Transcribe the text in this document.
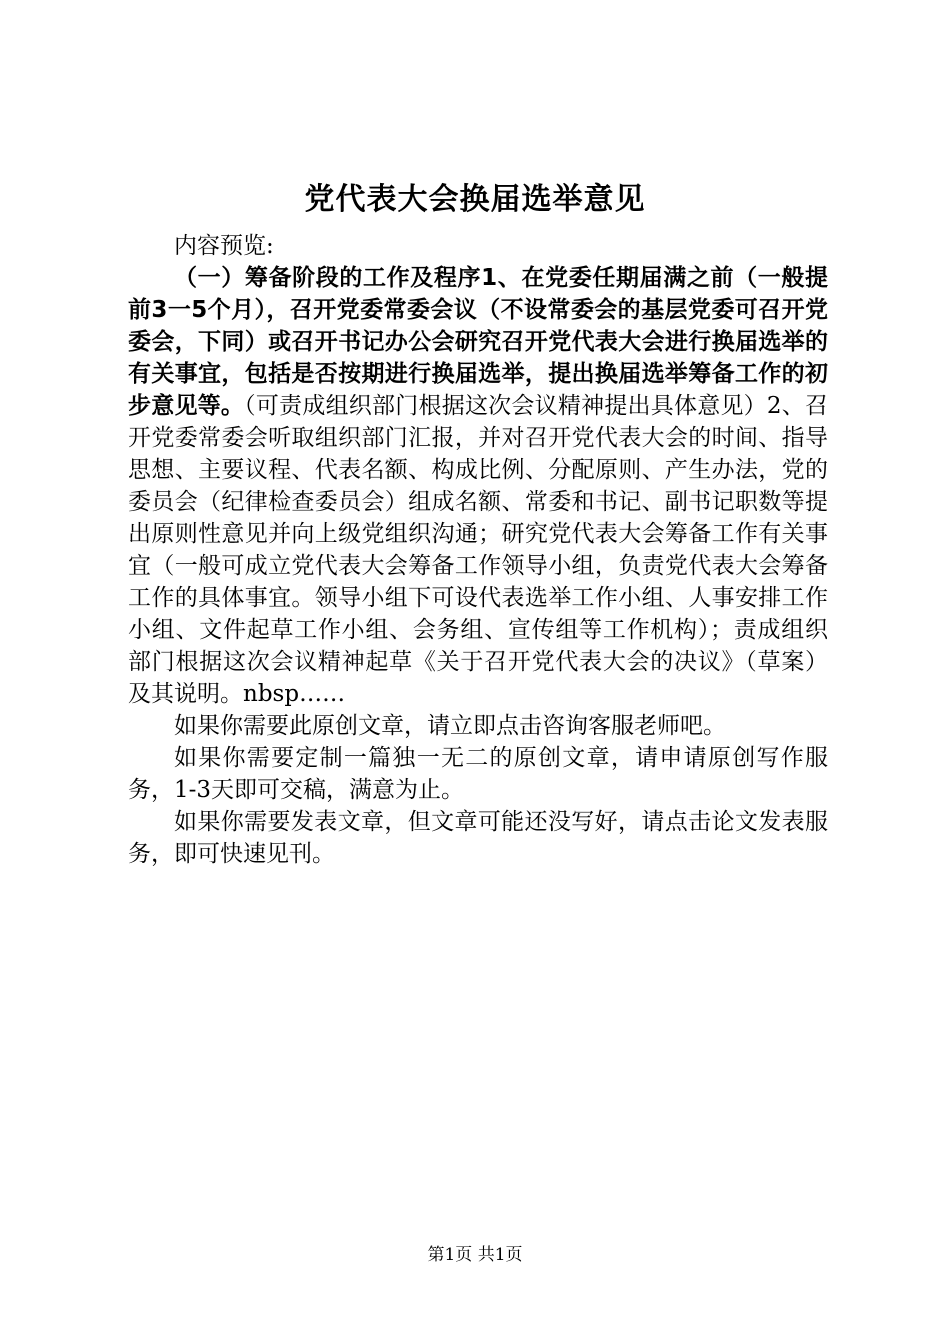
党代表大会换届选举意见

内容预览:

（一）筹备阶段的工作及程序1、在党委任期届满之前（一般提前3一5个月），召开党委常委会议（不设常委会的基层党委可召开党委会，下同）或召开书记办公会研究召开党代表大会进行换届选举的有关事宜，包括是否按期进行换届选举，提出换届选举筹备工作的初步意见等。（可责成组织部门根据这次会议精神提出具体意见）2、召开党委常委会听取组织部门汇报，并对召开党代表大会的时间、指导思想、主要议程、代表名额、构成比例、分配原则、产生办法，党的委员会（纪律检查委员会）组成名额、常委和书记、副书记职数等提出原则性意见并向上级党组织沟通；研究党代表大会筹备工作有关事宜（一般可成立党代表大会筹备工作领导小组，负责党代表大会筹备工作的具体事宜。领导小组下可设代表选举工作小组、人事安排工作小组、文件起草工作小组、会务组、宣传组等工作机构）；责成组织部门根据这次会议精神起草《关于召开党代表大会的决议》（草案）及其说明。nbsp……

如果你需要此原创文章，请立即点击咨询客服老师吧。

如果你需要定制一篇独一无二的原创文章，请申请原创写作服务，1-3天即可交稿，满意为止。

如果你需要发表文章，但文章可能还没写好，请点击论文发表服务，即可快速见刊。

第1页 共1页
